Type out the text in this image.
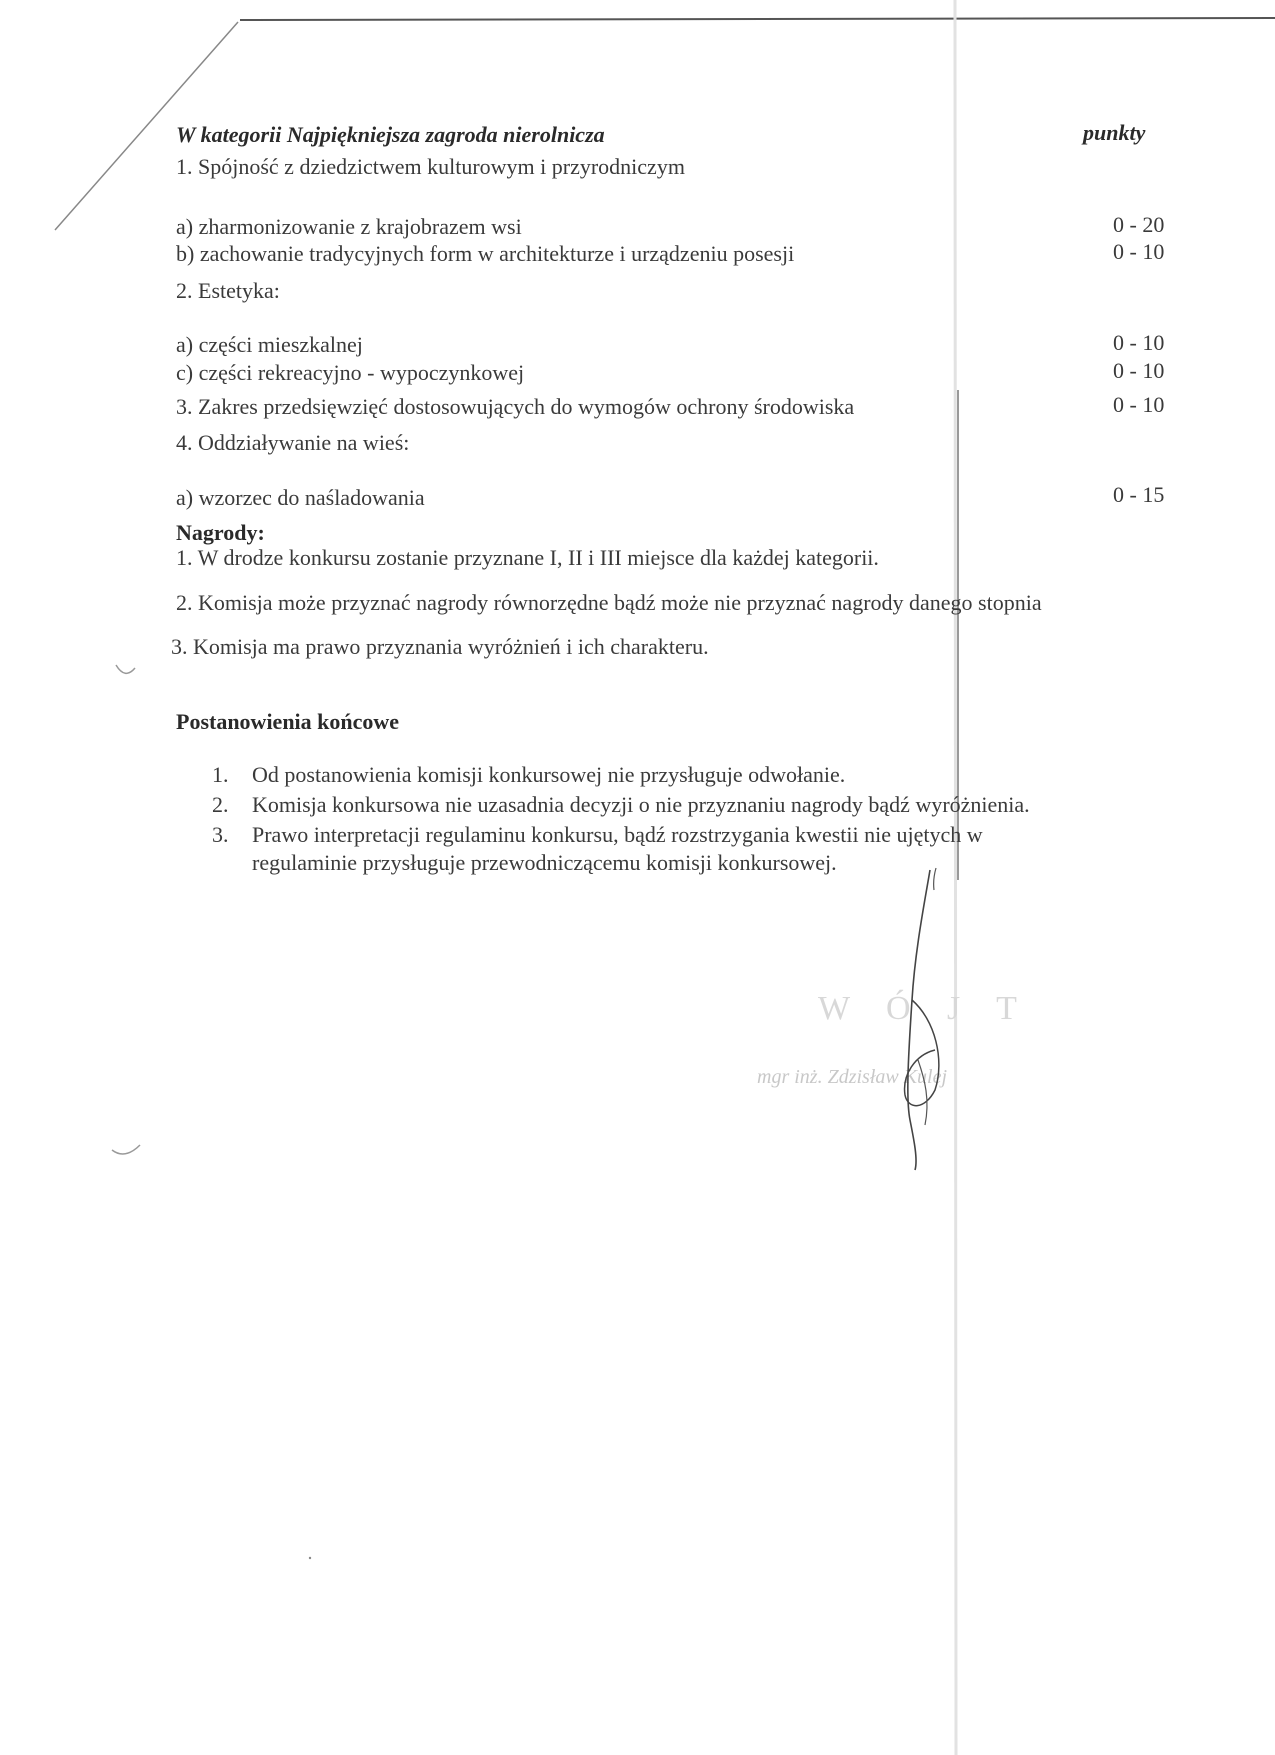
W kategorii Najpiękniejsza zagroda nierolnicza	punkty
1. Spójność z dziedzictwem kulturowym i przyrodniczym
a) zharmonizowanie z krajobrazem wsi	0 - 20
b) zachowanie tradycyjnych form w architekturze i urządzeniu posesji	0 - 10
2. Estetyka:
a) części mieszkalnej	0 - 10
c) części rekreacyjno - wypoczynkowej	0 - 10
3. Zakres przedsięwzięć dostosowujących do wymogów ochrony środowiska	0 - 10
4. Oddziaływanie na wieś:
a) wzorzec do naśladowania	0 - 15
Nagrody:
1. W drodze konkursu zostanie przyznane I, II i III miejsce dla każdej kategorii.
2. Komisja może przyznać nagrody równorzędne bądź może nie przyznać nagrody danego stopnia
3. Komisja ma prawo przyznania wyróżnień i ich charakteru.
Postanowienia końcowe
1. Od postanowienia komisji konkursowej nie przysługuje odwołanie.
2. Komisja konkursowa nie uzasadnia decyzji o nie przyznaniu nagrody bądź wyróżnienia.
3. Prawo interpretacji regulaminu konkursu, bądź rozstrzygania kwestii nie ujętych w
regulaminie przysługuje przewodniczącemu komisji konkursowej.
W Ó J T
mgr inż. Zdzisław Kulej
